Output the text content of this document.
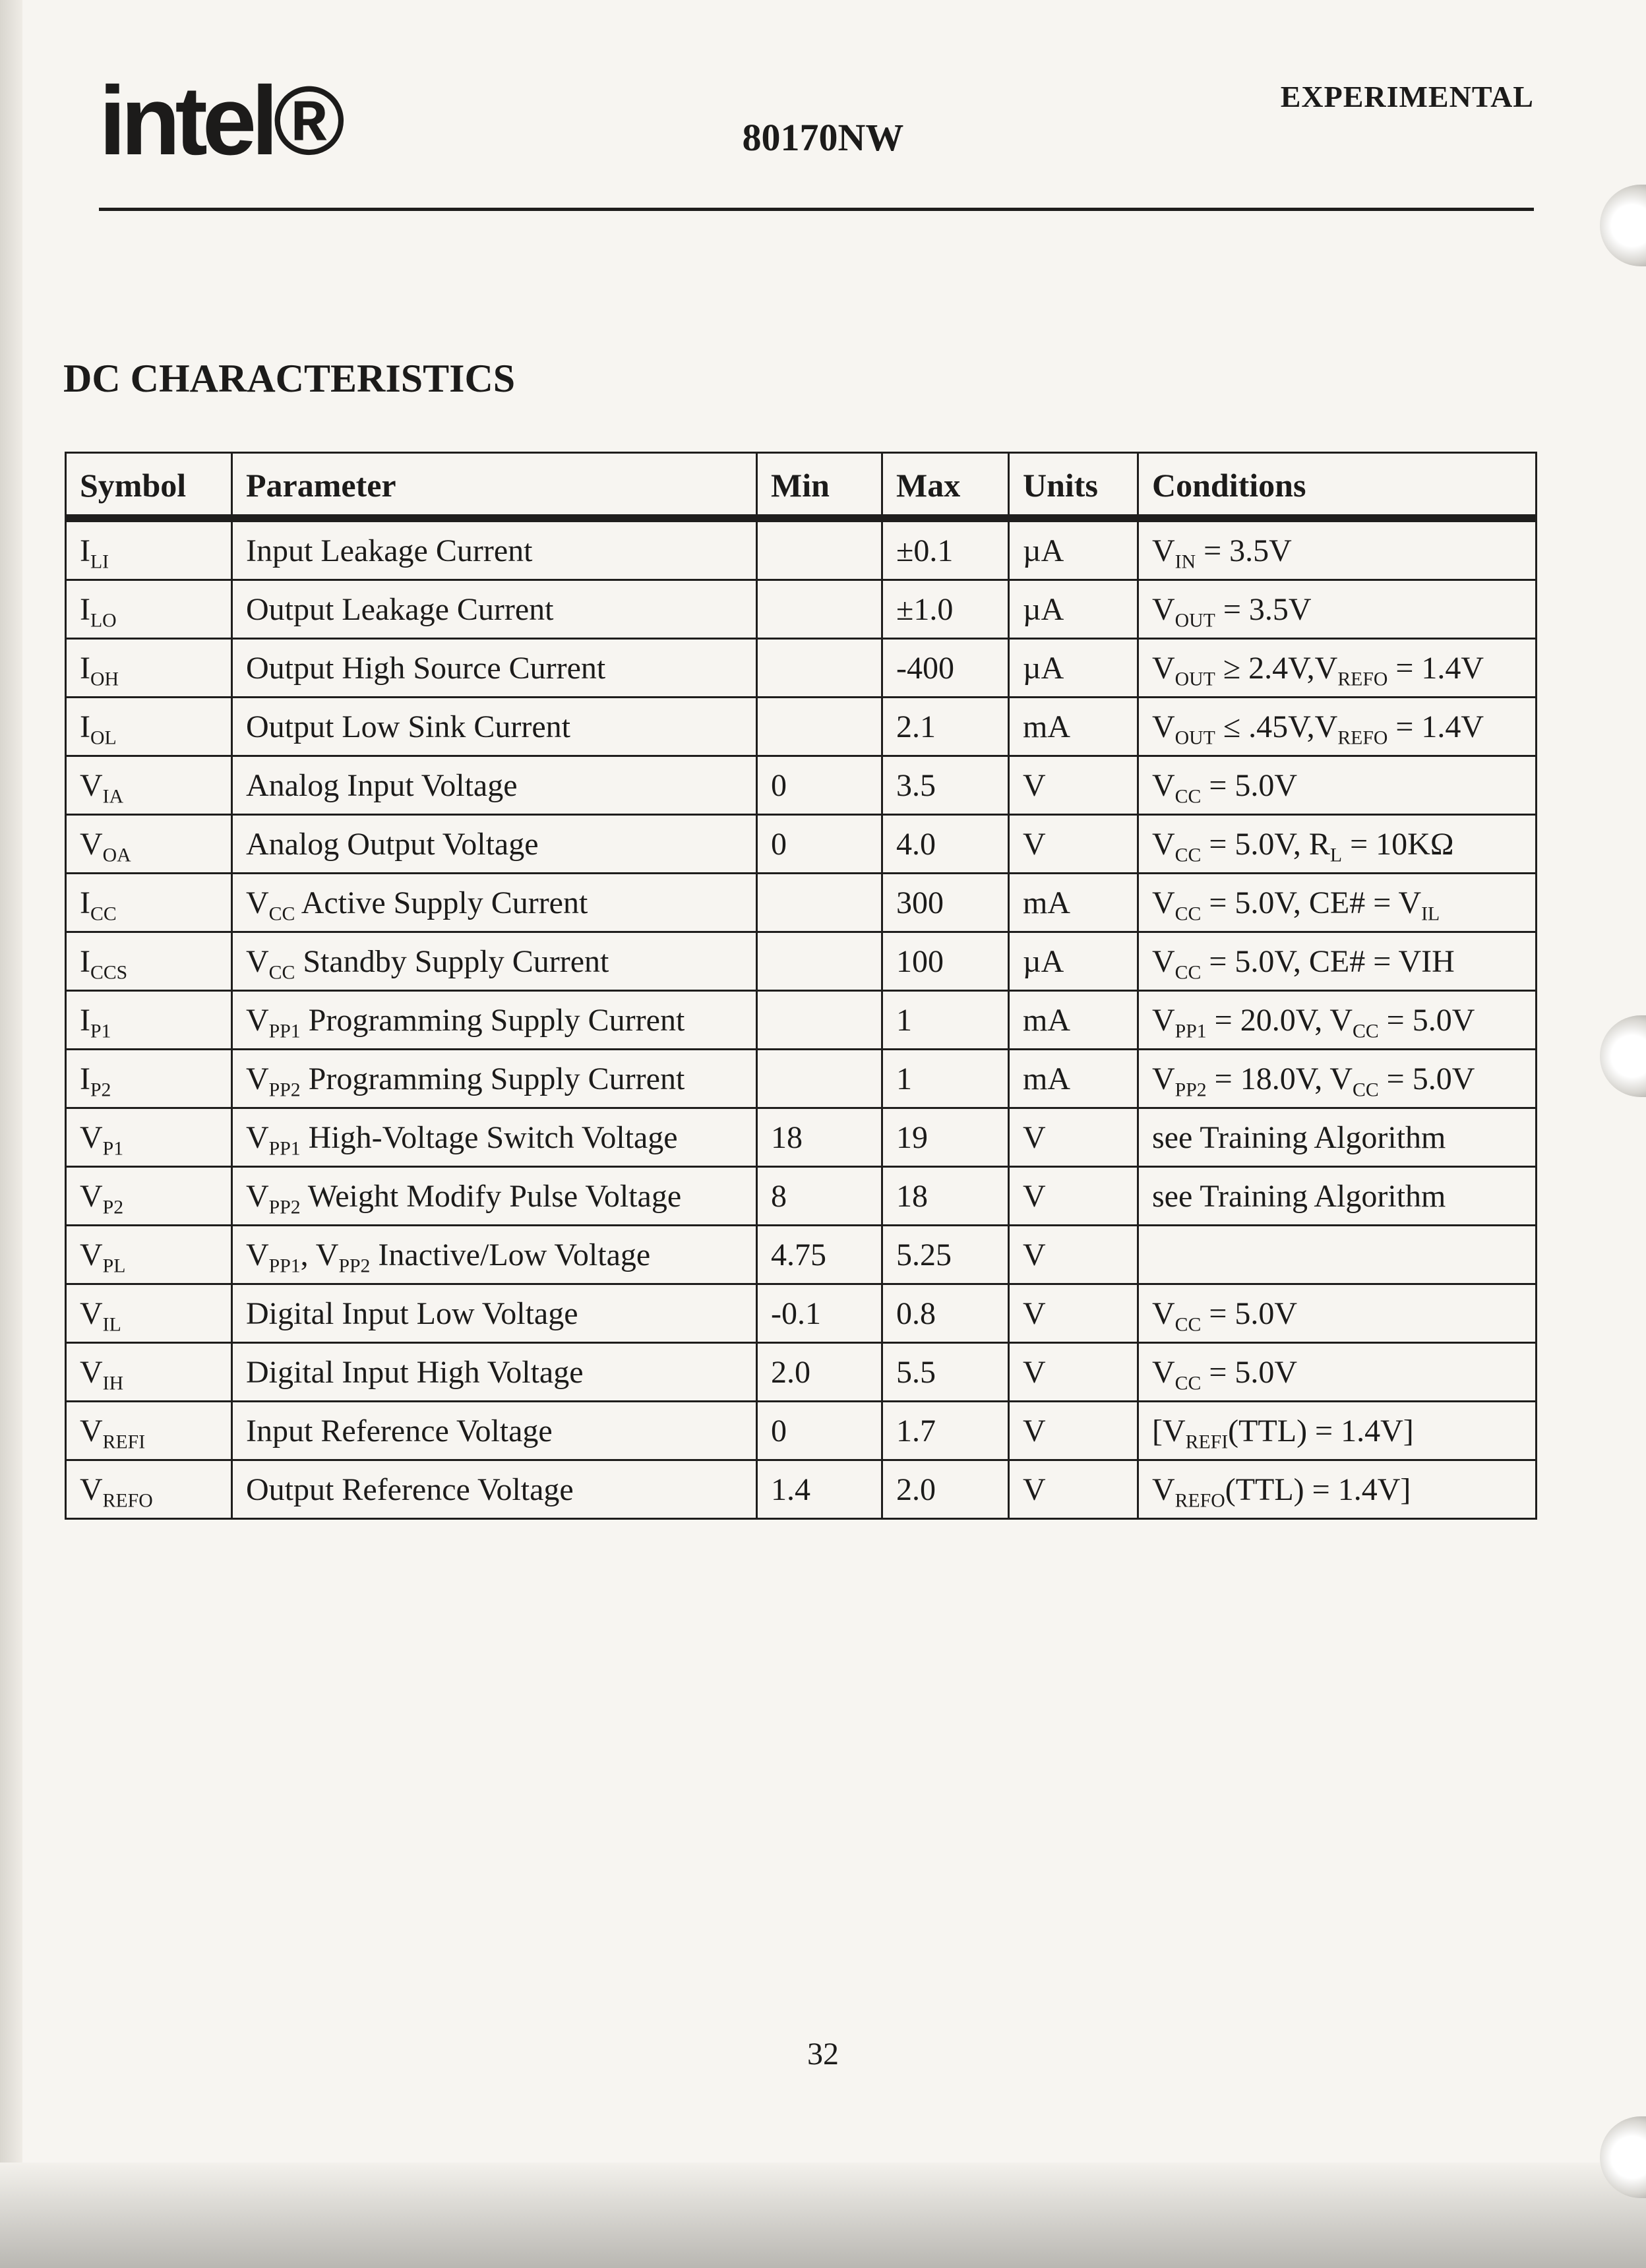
intel®	80170NW
EXPERIMENTAL
DC CHARACTERISTICS
Symbol	Parameter	Min	Max	Units	Conditions
$I_{LI}$	Input Leakage Current		±0.1	µA	$V_{IN} = 3.5V$
$I_{LO}$	Output Leakage Current		±1.0	µA	$V_{OUT} = 3.5V$
$I_{OH}$	Output High Source Current		-400	µA	$V_{OUT} \ge 2.4V,V_{REFO} = 1.4V$
$I_{OL}$	Output Low Sink Current		2.1	mA	$V_{OUT} \le .45V,V_{REFO} = 1.4V$
$V_{IA}$	Analog Input Voltage	0	3.5	V	$V_{CC} = 5.0V$
$V_{OA}$	Analog Output Voltage	0	4.0	V	$V_{CC} = 5.0V$, $R_L = 10K\Omega$
$I_{CC}$	$V_{CC}$ Active Supply Current		300	mA	$V_{CC} = 5.0V$, CE# = $V_{IL}$
$I_{CCS}$	$V_{CC}$ Standby Supply Current		100	µA	$V_{CC} = 5.0V$, CE# = VIH
$I_{P1}$	$V_{PP1}$ Programming Supply Current		1	mA	$V_{PP1} = 20.0V$, $V_{CC} = 5.0V$
$I_{P2}$	$V_{PP2}$ Programming Supply Current		1	mA	$V_{PP2} = 18.0V$, $V_{CC} = 5.0V$
$V_{P1}$	$V_{PP1}$ High-Voltage Switch Voltage	18	19	V	see Training Algorithm
$V_{P2}$	$V_{PP2}$ Weight Modify Pulse Voltage	8	18	V	see Training Algorithm
$V_{PL}$	$V_{PP1}$, $V_{PP2}$ Inactive/Low Voltage	4.75	5.25	V	
$V_{IL}$	Digital Input Low Voltage	-0.1	0.8	V	$V_{CC} = 5.0V$
$V_{IH}$	Digital Input High Voltage	2.0	5.5	V	$V_{CC} = 5.0V$
$V_{REFI}$	Input Reference Voltage	0	1.7	V	$[V_{REFI}(TTL) = 1.4V]$
$V_{REFO}$	Output Reference Voltage	1.4	2.0	V	$V_{REFO}(TTL) = 1.4V$]
32
